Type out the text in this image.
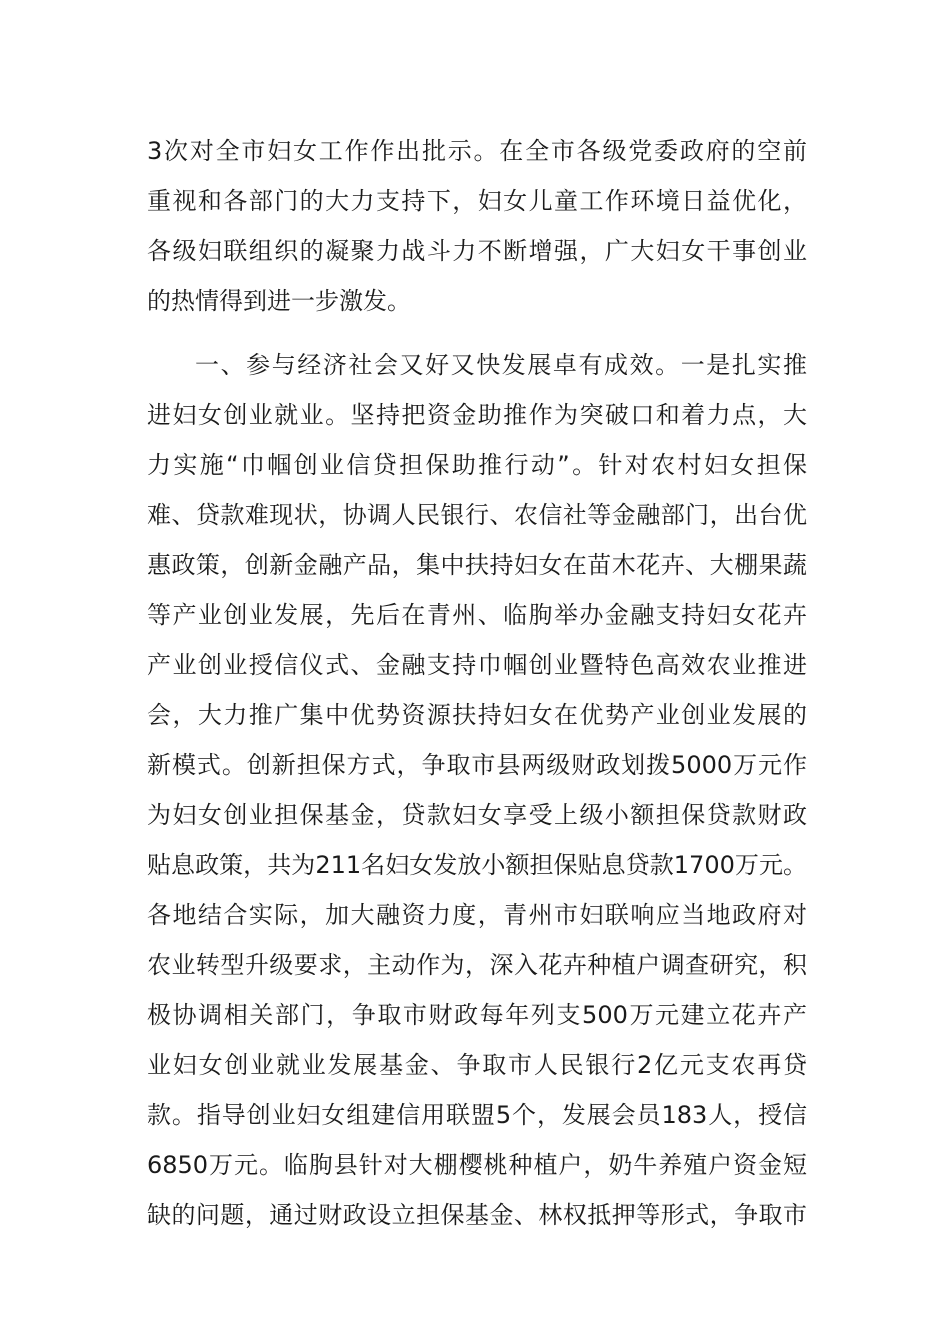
3次对全市妇女工作作出批示。在全市各级党委政府的空前
重视和各部门的大力支持下，妇女儿童工作环境日益优化，
各级妇联组织的凝聚力战斗力不断增强，广大妇女干事创业
的热情得到进一步激发。
一、参与经济社会又好又快发展卓有成效。一是扎实推
进妇女创业就业。坚持把资金助推作为突破口和着力点，大
力实施“巾帼创业信贷担保助推行动”。针对农村妇女担保
难、贷款难现状，协调人民银行、农信社等金融部门，出台优
惠政策，创新金融产品，集中扶持妇女在苗木花卉、大棚果蔬
等产业创业发展，先后在青州、临朐举办金融支持妇女花卉
产业创业授信仪式、金融支持巾帼创业暨特色高效农业推进
会，大力推广集中优势资源扶持妇女在优势产业创业发展的
新模式。创新担保方式，争取市县两级财政划拨5000万元作
为妇女创业担保基金，贷款妇女享受上级小额担保贷款财政
贴息政策，共为211名妇女发放小额担保贴息贷款1700万元。
各地结合实际，加大融资力度，青州市妇联响应当地政府对
农业转型升级要求，主动作为，深入花卉种植户调查研究，积
极协调相关部门，争取市财政每年列支500万元建立花卉产
业妇女创业就业发展基金、争取市人民银行2亿元支农再贷
款。指导创业妇女组建信用联盟5个，发展会员183人，授信
6850万元。临朐县针对大棚樱桃种植户，奶牛养殖户资金短
缺的问题，通过财政设立担保基金、林权抵押等形式，争取市
